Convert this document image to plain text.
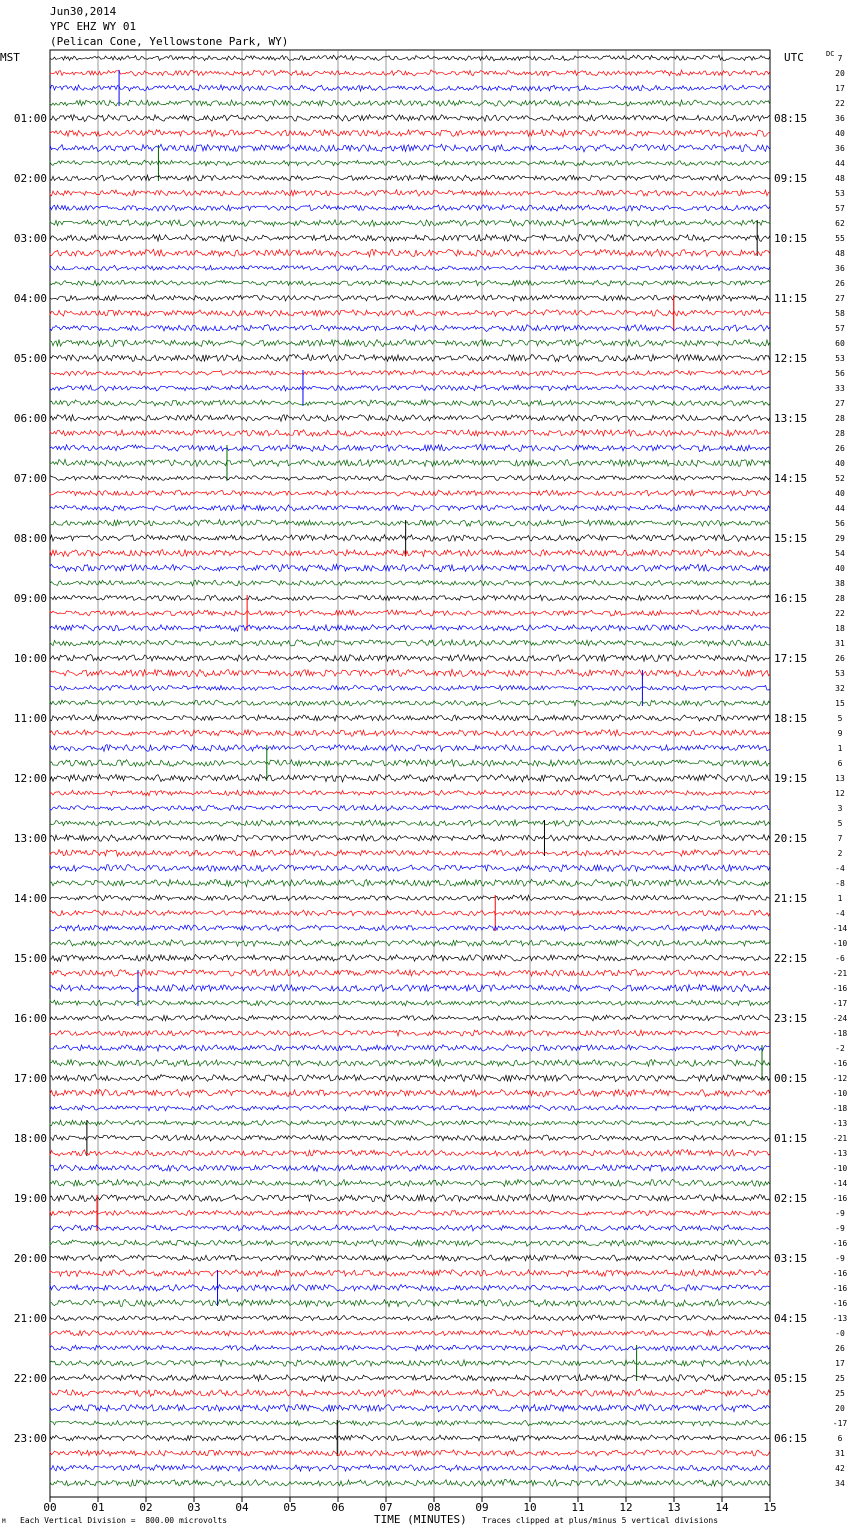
Jun30,2014
YPC EHZ WY 01
(Pelican Cone, Yellowstone Park, WY)
00	01	02	03	04	05	06	07	08	09	10	11	12	13	14	15
7
20
17
22
36
40
36
44
48
53
57
62
55
48
36
26
27
58
57
60
53
56
33
27
28
28
26
40
52
40
44
56
29
54
40
38
28
22
18
31
26
53
32
15
5
9
1
6
13
12
3
5
7
2
-4
-8
1
-4
-14
-10
-6
-21
-16
-17
-24
-18
-2
-16
-12
-10
-18
-13
-21
-13
-10
-14
-16
-9
-9
-16
-9
-16
-16
-16
-13
-0
26
17
25
25
20
-17
6
31
42
34
01:00
02:00
03:00
04:00
05:00
06:00
07:00
08:00
09:00
10:00
11:00
12:00
13:00
14:00
15:00
16:00
17:00
18:00
19:00
20:00
21:00
22:00
23:00
08:15
09:15
10:15
11:15
12:15
13:15
14:15
15:15
16:15
17:15
18:15
19:15
20:15
21:15
22:15
23:15
00:15
01:15
02:15
03:15
04:15
05:15
06:15
MST	UTC	DC
TIME (MINUTES)
Each Vertical Division =  800.00 microvolts	Traces clipped at plus/minus 5 vertical divisions
M
